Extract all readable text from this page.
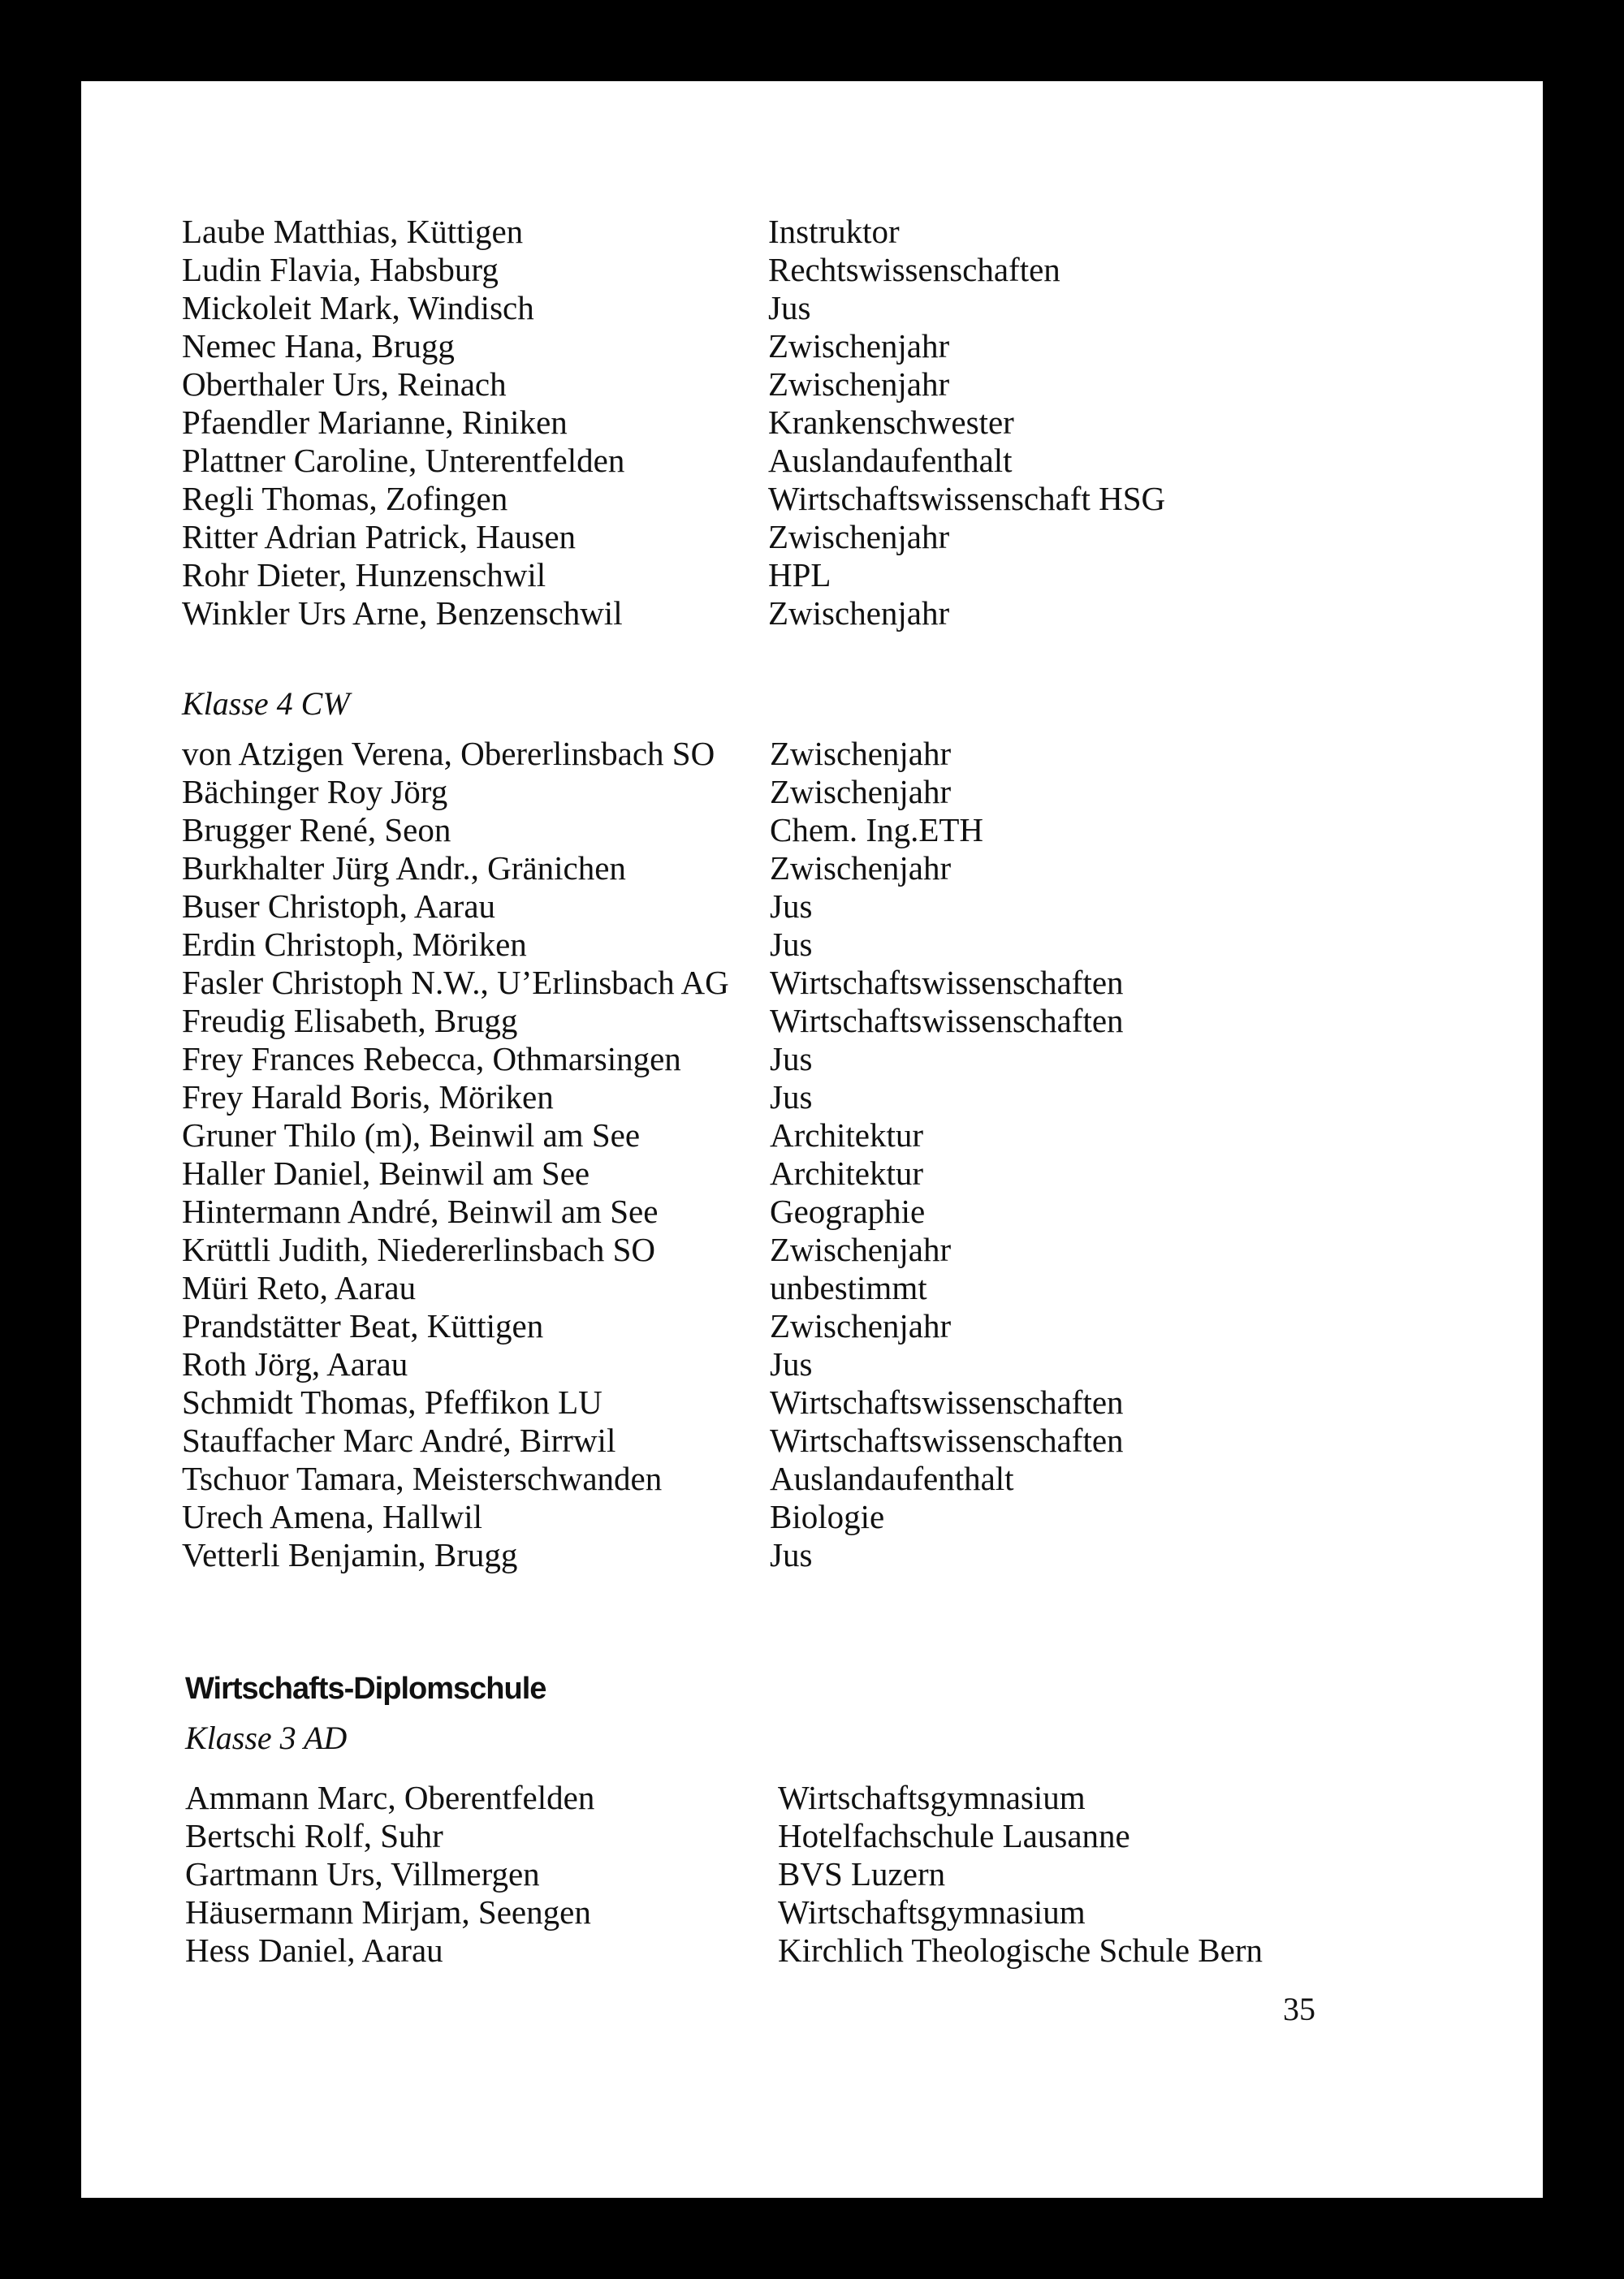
Laube Matthias, Küttigen	Instruktor
Ludin Flavia, Habsburg	Rechtswissenschaften
Mickoleit Mark, Windisch	Jus
Nemec Hana, Brugg	Zwischenjahr
Oberthaler Urs, Reinach	Zwischenjahr
Pfaendler Marianne, Riniken	Krankenschwester
Plattner Caroline, Unterentfelden	Auslandaufenthalt
Regli Thomas, Zofingen	Wirtschaftswissenschaft HSG
Ritter Adrian Patrick, Hausen	Zwischenjahr
Rohr Dieter, Hunzenschwil	HPL
Winkler Urs Arne, Benzenschwil	Zwischenjahr
Klasse 4 CW
von Atzigen Verena, Obererlinsbach SO Zwischenjahr
Bächinger Roy Jörg	Zwischenjahr
Brugger René, Seon	Chem. Ing.ETH
Burkhalter Jürg Andr., Gränichen	Zwischenjahr
Buser Christoph, Aarau	Jus
Erdin Christoph, Möriken	Jus
Fasler Christoph N.W., U’Erlinsbach AG Wirtschaftswissenschaften
Freudig Elisabeth, Brugg	Wirtschaftswissenschaften
Frey Frances Rebecca, Othmarsingen	Jus
Frey Harald Boris, Möriken	Jus
Gruner Thilo (m), Beinwil am See	Architektur
Haller Daniel, Beinwil am See	Architektur
Hintermann André, Beinwil am See	Geographie
Krüttli Judith, Niedererlinsbach SO	Zwischenjahr
Müri Reto, Aarau	unbestimmt
Prandstätter Beat, Küttigen	Zwischenjahr
Roth Jörg, Aarau	Jus
Schmidt Thomas, Pfeffikon LU	Wirtschaftswissenschaften
Stauffacher Marc André, Birrwil	Wirtschaftswissenschaften
Tschuor Tamara, Meisterschwanden	Auslandaufenthalt
Urech Amena, Hallwil	Biologie
Vetterli Benjamin, Brugg	Jus
Wirtschafts-Diplomschule
Klasse 3 AD
Ammann Marc, Oberentfelden	Wirtschaftsgymnasium
Bertschi Rolf, Suhr	Hotelfachschule Lausanne
Gartmann Urs, Villmergen	BVS Luzern
Häusermann Mirjam, Seengen	Wirtschaftsgymnasium
Hess Daniel, Aarau	Kirchlich Theologische Schule Bern
35
